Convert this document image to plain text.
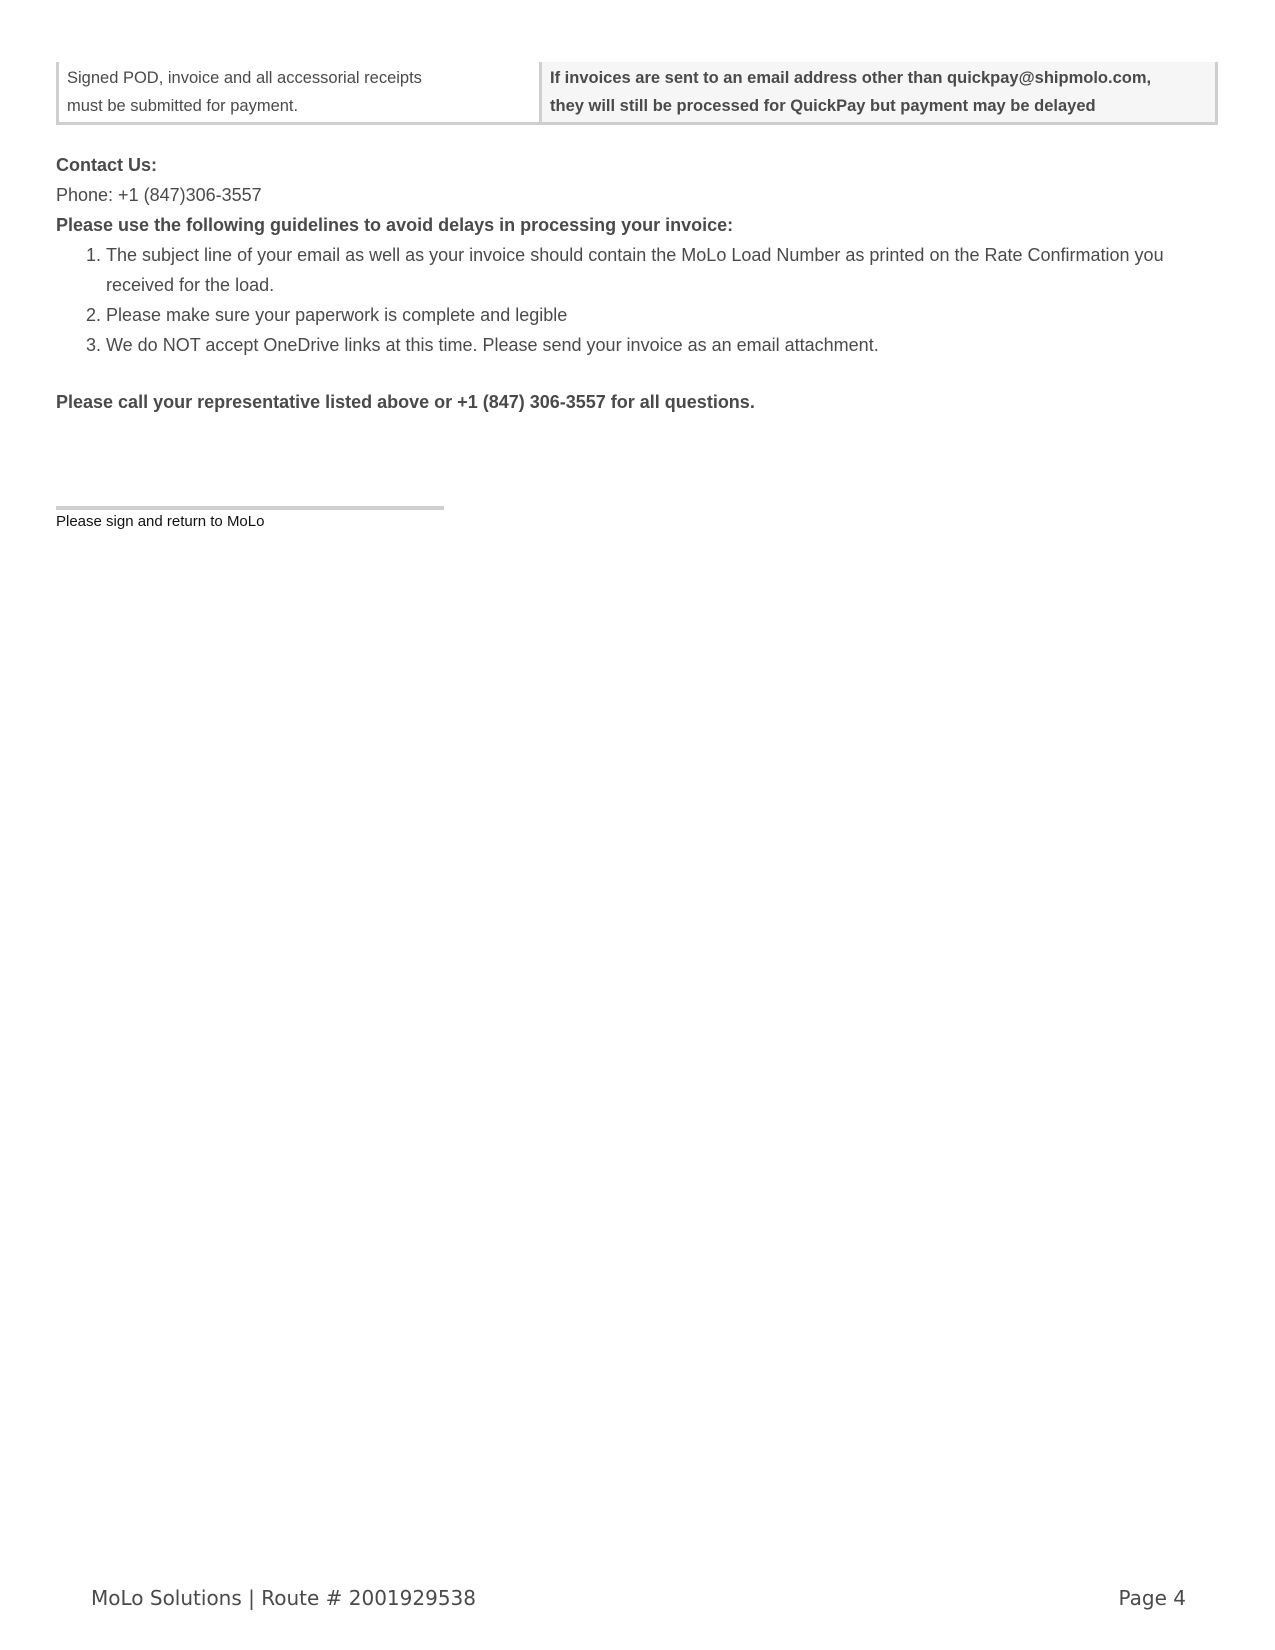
Signed POD, invoice and all accessorial receipts
must be submitted for payment.

If invoices are sent to an email address other than quickpay@shipmolo.com,
they will still be processed for QuickPay but payment may be delayed

Contact Us:

Phone: +1 (847)306-3557

Please use the following guidelines to avoid delays in processing your invoice:

1. The subject line of your email as well as your invoice should contain the MoLo Load Number as printed on the Rate Confirmation you received for the load.
2. Please make sure your paperwork is complete and legible
3. We do NOT accept OneDrive links at this time. Please send your invoice as an email attachment.

Please call your representative listed above or +1 (847) 306-3557 for all questions.

Please sign and return to MoLo
MoLo Solutions | Route # 2001929538	Page 4
